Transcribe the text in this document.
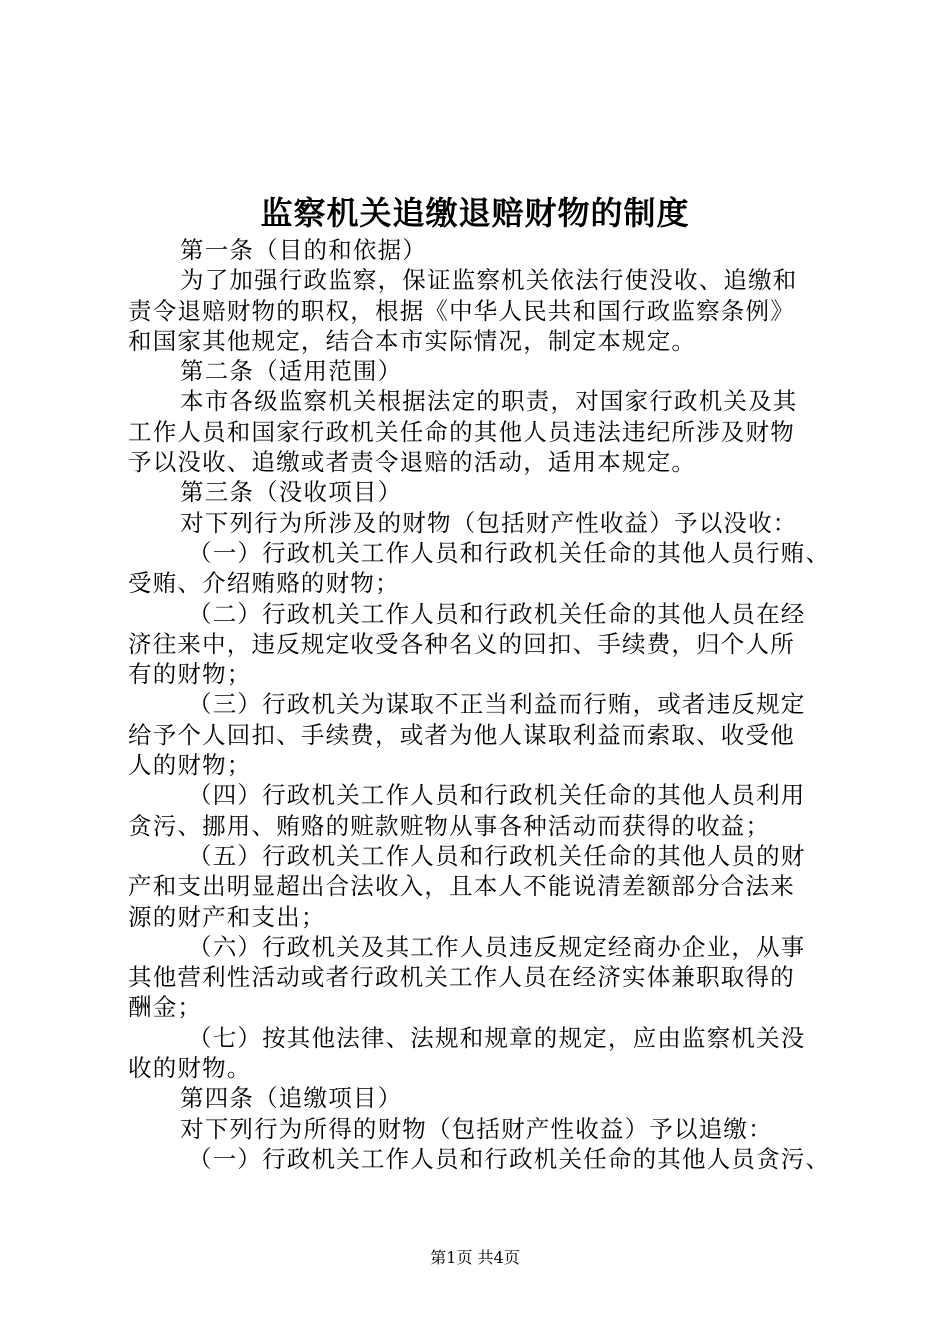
监察机关追缴退赔财物的制度
第一条（目的和依据）
为了加强行政监察，保证监察机关依法行使没收、追缴和
责令退赔财物的职权，根据《中华人民共和国行政监察条例》
和国家其他规定，结合本市实际情况，制定本规定。
第二条（适用范围）
本市各级监察机关根据法定的职责，对国家行政机关及其
工作人员和国家行政机关任命的其他人员违法违纪所涉及财物
予以没收、追缴或者责令退赔的活动，适用本规定。
第三条（没收项目）
对下列行为所涉及的财物（包括财产性收益）予以没收：
（一）行政机关工作人员和行政机关任命的其他人员行贿、
受贿、介绍贿赂的财物；
（二）行政机关工作人员和行政机关任命的其他人员在经
济往来中，违反规定收受各种名义的回扣、手续费，归个人所
有的财物；
（三）行政机关为谋取不正当利益而行贿，或者违反规定
给予个人回扣、手续费，或者为他人谋取利益而索取、收受他
人的财物；
（四）行政机关工作人员和行政机关任命的其他人员利用
贪污、挪用、贿赂的赃款赃物从事各种活动而获得的收益；
（五）行政机关工作人员和行政机关任命的其他人员的财
产和支出明显超出合法收入，且本人不能说清差额部分合法来
源的财产和支出；
（六）行政机关及其工作人员违反规定经商办企业，从事
其他营利性活动或者行政机关工作人员在经济实体兼职取得的
酬金；
（七）按其他法律、法规和规章的规定，应由监察机关没
收的财物。
第四条（追缴项目）
对下列行为所得的财物（包括财产性收益）予以追缴：
（一）行政机关工作人员和行政机关任命的其他人员贪污、
第1页 共4页
